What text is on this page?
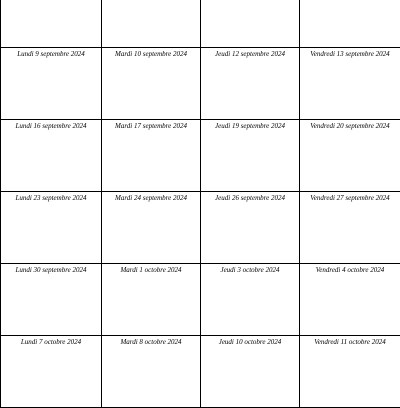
Lundi 9 septembre 2024	Mardi 10 septembre 2024	Jeudi 12 septembre 2024	Vendredi 13 septembre 2024
Lundi 16 septembre 2024	Mardi 17 septembre 2024	Jeudi 19 septembre 2024	Vendredi 20 septembre 2024
Lundi 23 septembre 2024	Mardi 24 septembre 2024	Jeudi 26 septembre 2024	Vendredi 27 septembre 2024
Lundi 30 septembre 2024	Mardi 1 octobre 2024	Jeudi 3 octobre 2024	Vendredi 4 octobre 2024
Lundi 7 octobre 2024	Mardi 8 octobre 2024	Jeudi 10 octobre 2024	Vendredi 11 octobre 2024
